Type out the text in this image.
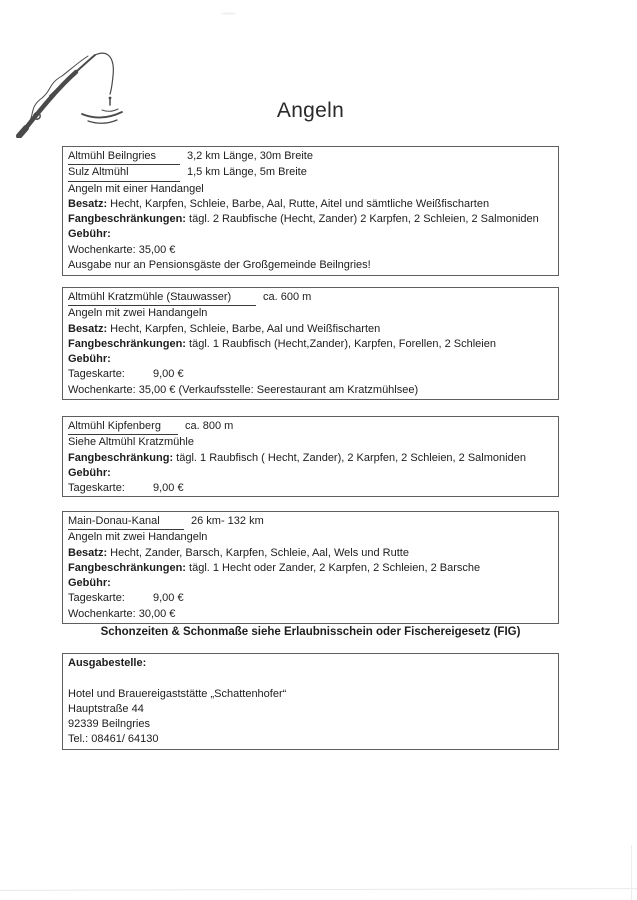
Angeln
Altmühl Beilngries	3,2 km Länge, 30m Breite
Sulz Altmühl	1,5 km Länge, 5m Breite
Angeln mit einer Handangel
Besatz: Hecht, Karpfen, Schleie, Barbe, Aal, Rutte, Aitel und sämtliche Weißfischarten
Fangbeschränkungen: tägl. 2 Raubfische (Hecht, Zander) 2 Karpfen, 2 Schleien, 2 Salmoniden
Gebühr:
Wochenkarte: 35,00 €
Ausgabe nur an Pensionsgäste der Großgemeinde Beilngries!
Altmühl Kratzmühle (Stauwasser)	ca. 600 m
Angeln mit zwei Handangeln
Besatz: Hecht, Karpfen, Schleie, Barbe, Aal und Weißfischarten
Fangbeschränkungen: tägl. 1 Raubfisch (Hecht,Zander), Karpfen, Forellen, 2 Schleien
Gebühr:
Tageskarte:	9,00 €
Wochenkarte: 35,00 € (Verkaufsstelle: Seerestaurant am Kratzmühlsee)
Altmühl Kipfenberg ca. 800 m
Siehe Altmühl Kratzmühle
Fangbeschränkung: tägl. 1 Raubfisch ( Hecht, Zander), 2 Karpfen, 2 Schleien, 2 Salmoniden
Gebühr:
Tageskarte:	9,00 €
Main-Donau-Kanal	26 km- 132 km
Angeln mit zwei Handangeln
Besatz: Hecht, Zander, Barsch, Karpfen, Schleie, Aal, Wels und Rutte
Fangbeschränkungen: tägl. 1 Hecht oder Zander, 2 Karpfen, 2 Schleien, 2 Barsche
Gebühr:
Tageskarte:	9,00 €
Wochenkarte: 30,00 €
Schonzeiten & Schonmaße siehe Erlaubnisschein oder Fischereigesetz (FIG)
Ausgabestelle:

Hotel und Brauereigaststätte „Schattenhofer“
Hauptstraße 44
92339 Beilngries
Tel.: 08461/ 64130
